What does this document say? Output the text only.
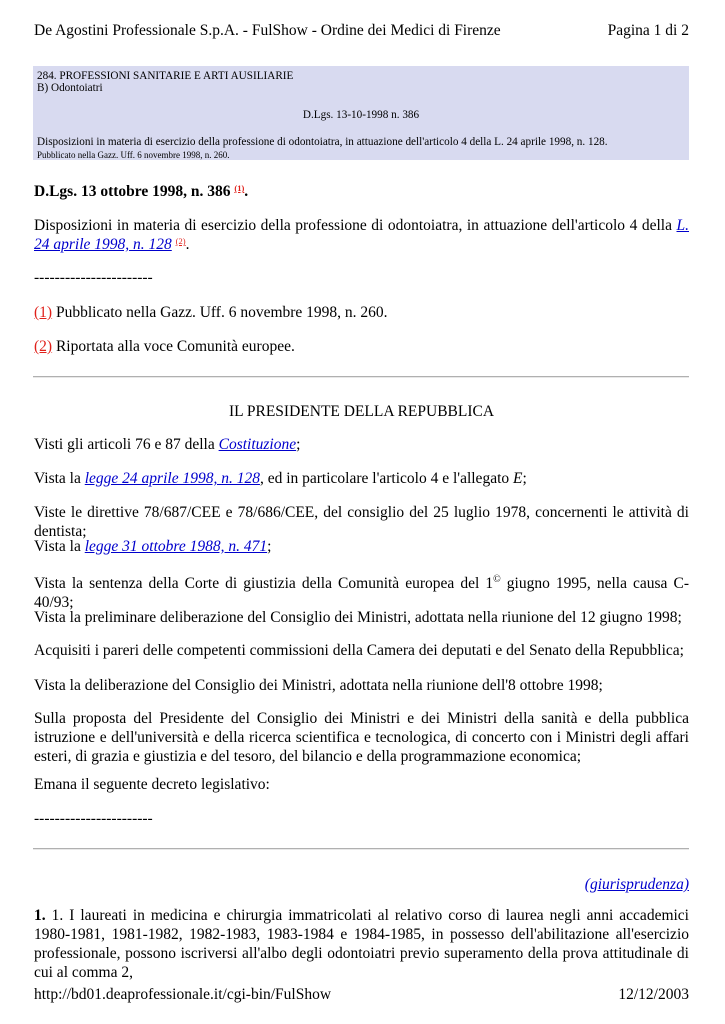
De Agostini Professionale S.p.A. - FulShow - Ordine dei Medici di Firenze	Pagina 1 di 2
284. PROFESSIONI SANITARIE E ARTI AUSILIARIE
B) Odontoiatri
D.Lgs. 13-10-1998 n. 386
Disposizioni in materia di esercizio della professione di odontoiatra, in attuazione dell'articolo 4 della L. 24 aprile 1998, n. 128.
Pubblicato nella Gazz. Uff. 6 novembre 1998, n. 260.
D.Lgs. 13 ottobre 1998, n. 386 $^{(1)}$.
Disposizioni in materia di esercizio della professione di odontoiatra, in attuazione dell'articolo 4 della L. 24 aprile 1998, n. 128 $^{(2)}$.
-----------------------
(1) Pubblicato nella Gazz. Uff. 6 novembre 1998, n. 260.
(2) Riportata alla voce Comunità europee.
IL PRESIDENTE DELLA REPUBBLICA
Visti gli articoli 76 e 87 della Costituzione;
Vista la legge 24 aprile 1998, n. 128, ed in particolare l'articolo 4 e l'allegato E;
Viste le direttive 78/687/CEE e 78/686/CEE, del consiglio del 25 luglio 1978, concernenti le attività di dentista;
Vista la legge 31 ottobre 1988, n. 471;
Vista la sentenza della Corte di giustizia della Comunità europea del 1© giugno 1995, nella causa C-40/93;
Vista la preliminare deliberazione del Consiglio dei Ministri, adottata nella riunione del 12 giugno 1998;
Acquisiti i pareri delle competenti commissioni della Camera dei deputati e del Senato della Repubblica;
Vista la deliberazione del Consiglio dei Ministri, adottata nella riunione dell'8 ottobre 1998;
Sulla proposta del Presidente del Consiglio dei Ministri e dei Ministri della sanità e della pubblica istruzione e dell'università e della ricerca scientifica e tecnologica, di concerto con i Ministri degli affari esteri, di grazia e giustizia e del tesoro, del bilancio e della programmazione economica;
Emana il seguente decreto legislativo:
-----------------------
(giurisprudenza)
1. 1. I laureati in medicina e chirurgia immatricolati al relativo corso di laurea negli anni accademici 1980-1981, 1981-1982, 1982-1983, 1983-1984 e 1984-1985, in possesso dell'abilitazione all'esercizio professionale, possono iscriversi all'albo degli odontoiatri previo superamento della prova attitudinale di cui al comma 2,
http://bd01.deaprofessionale.it/cgi-bin/FulShow	12/12/2003
